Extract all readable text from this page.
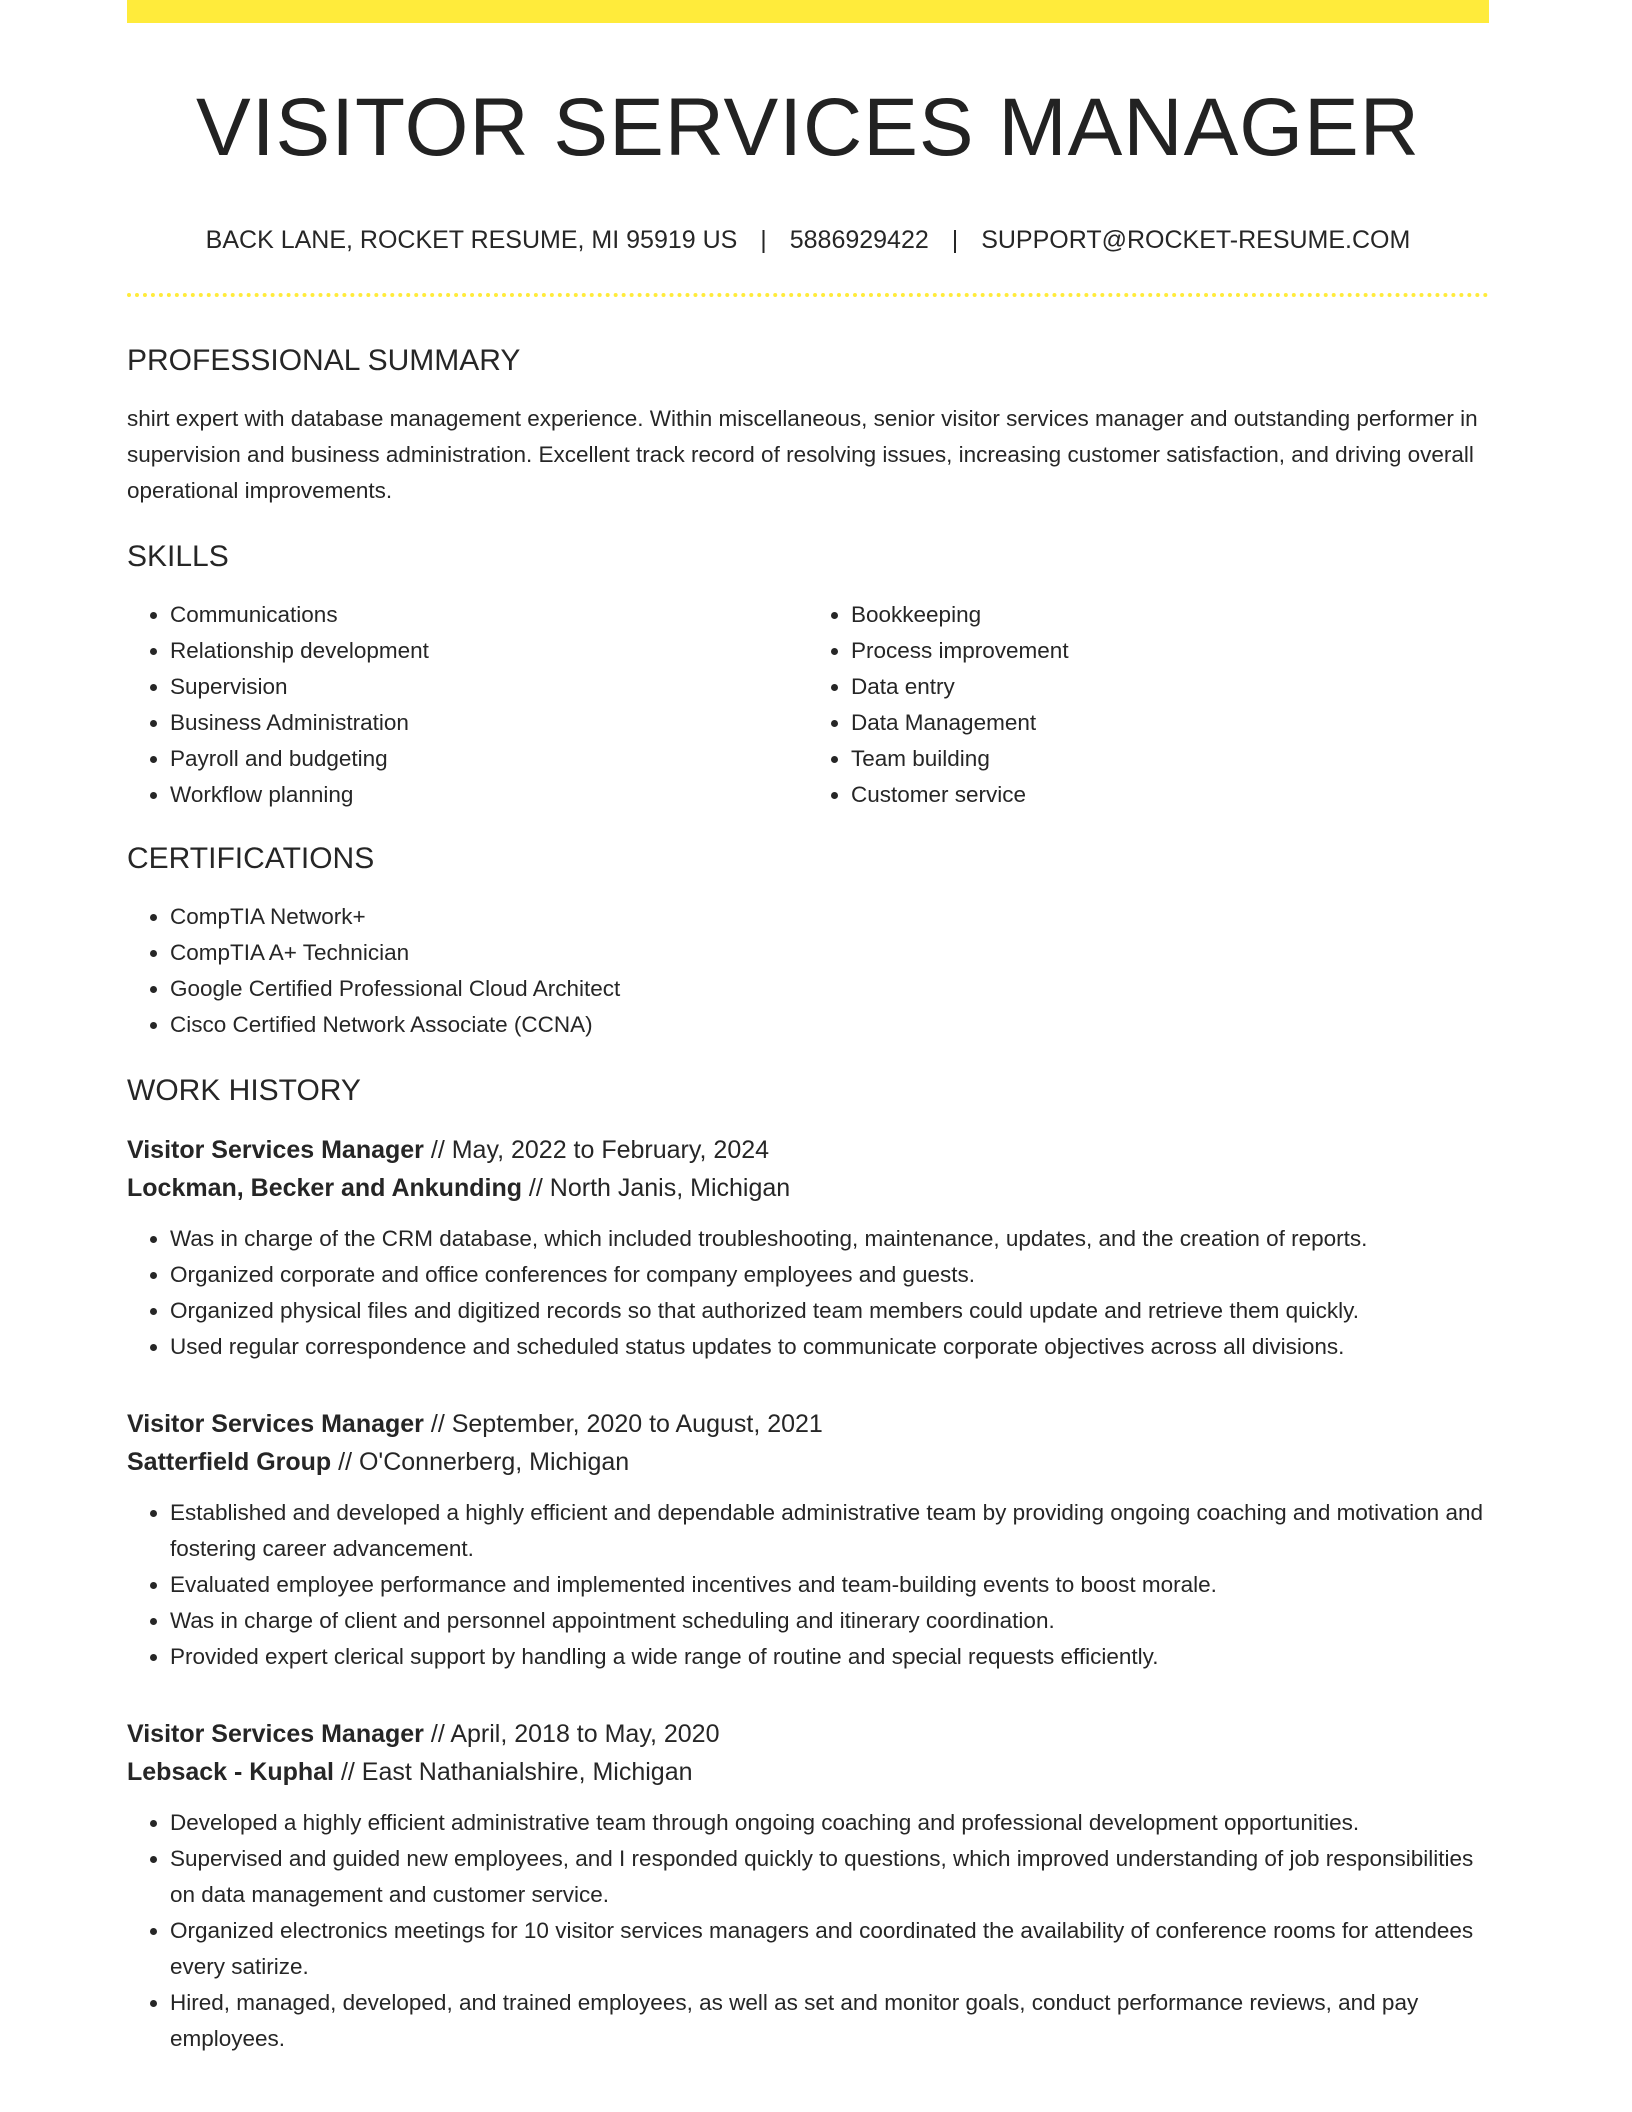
VISITOR SERVICES MANAGER
BACK LANE, ROCKET RESUME, MI 95919 US | 5886929422 | SUPPORT@ROCKET-RESUME.COM
PROFESSIONAL SUMMARY

shirt expert with database management experience. Within miscellaneous, senior visitor services manager and outstanding performer in supervision and business administration. Excellent track record of resolving issues, increasing customer satisfaction, and driving overall operational improvements.

SKILLS
• Communications
• Relationship development
• Supervision
• Business Administration
• Payroll and budgeting
• Workflow planning
• Bookkeeping
• Process improvement
• Data entry
• Data Management
• Team building
• Customer service
CERTIFICATIONS
• CompTIA Network+
• CompTIA A+ Technician
• Google Certified Professional Cloud Architect
• Cisco Certified Network Associate (CCNA)
WORK HISTORY
Visitor Services Manager // May, 2022 to February, 2024
Lockman, Becker and Ankunding // North Janis, Michigan
• Was in charge of the CRM database, which included troubleshooting, maintenance, updates, and the creation of reports.
• Organized corporate and office conferences for company employees and guests.
• Organized physical files and digitized records so that authorized team members could update and retrieve them quickly.
• Used regular correspondence and scheduled status updates to communicate corporate objectives across all divisions.
Visitor Services Manager // September, 2020 to August, 2021
Satterfield Group // O'Connerberg, Michigan
• Established and developed a highly efficient and dependable administrative team by providing ongoing coaching and motivation and fostering career advancement.
• Evaluated employee performance and implemented incentives and team-building events to boost morale.
• Was in charge of client and personnel appointment scheduling and itinerary coordination.
• Provided expert clerical support by handling a wide range of routine and special requests efficiently.
Visitor Services Manager // April, 2018 to May, 2020
Lebsack - Kuphal // East Nathanialshire, Michigan
• Developed a highly efficient administrative team through ongoing coaching and professional development opportunities.
• Supervised and guided new employees, and I responded quickly to questions, which improved understanding of job responsibilities on data management and customer service.
• Organized electronics meetings for 10 visitor services managers and coordinated the availability of conference rooms for attendees every satirize.
• Hired, managed, developed, and trained employees, as well as set and monitor goals, conduct performance reviews, and pay employees.
